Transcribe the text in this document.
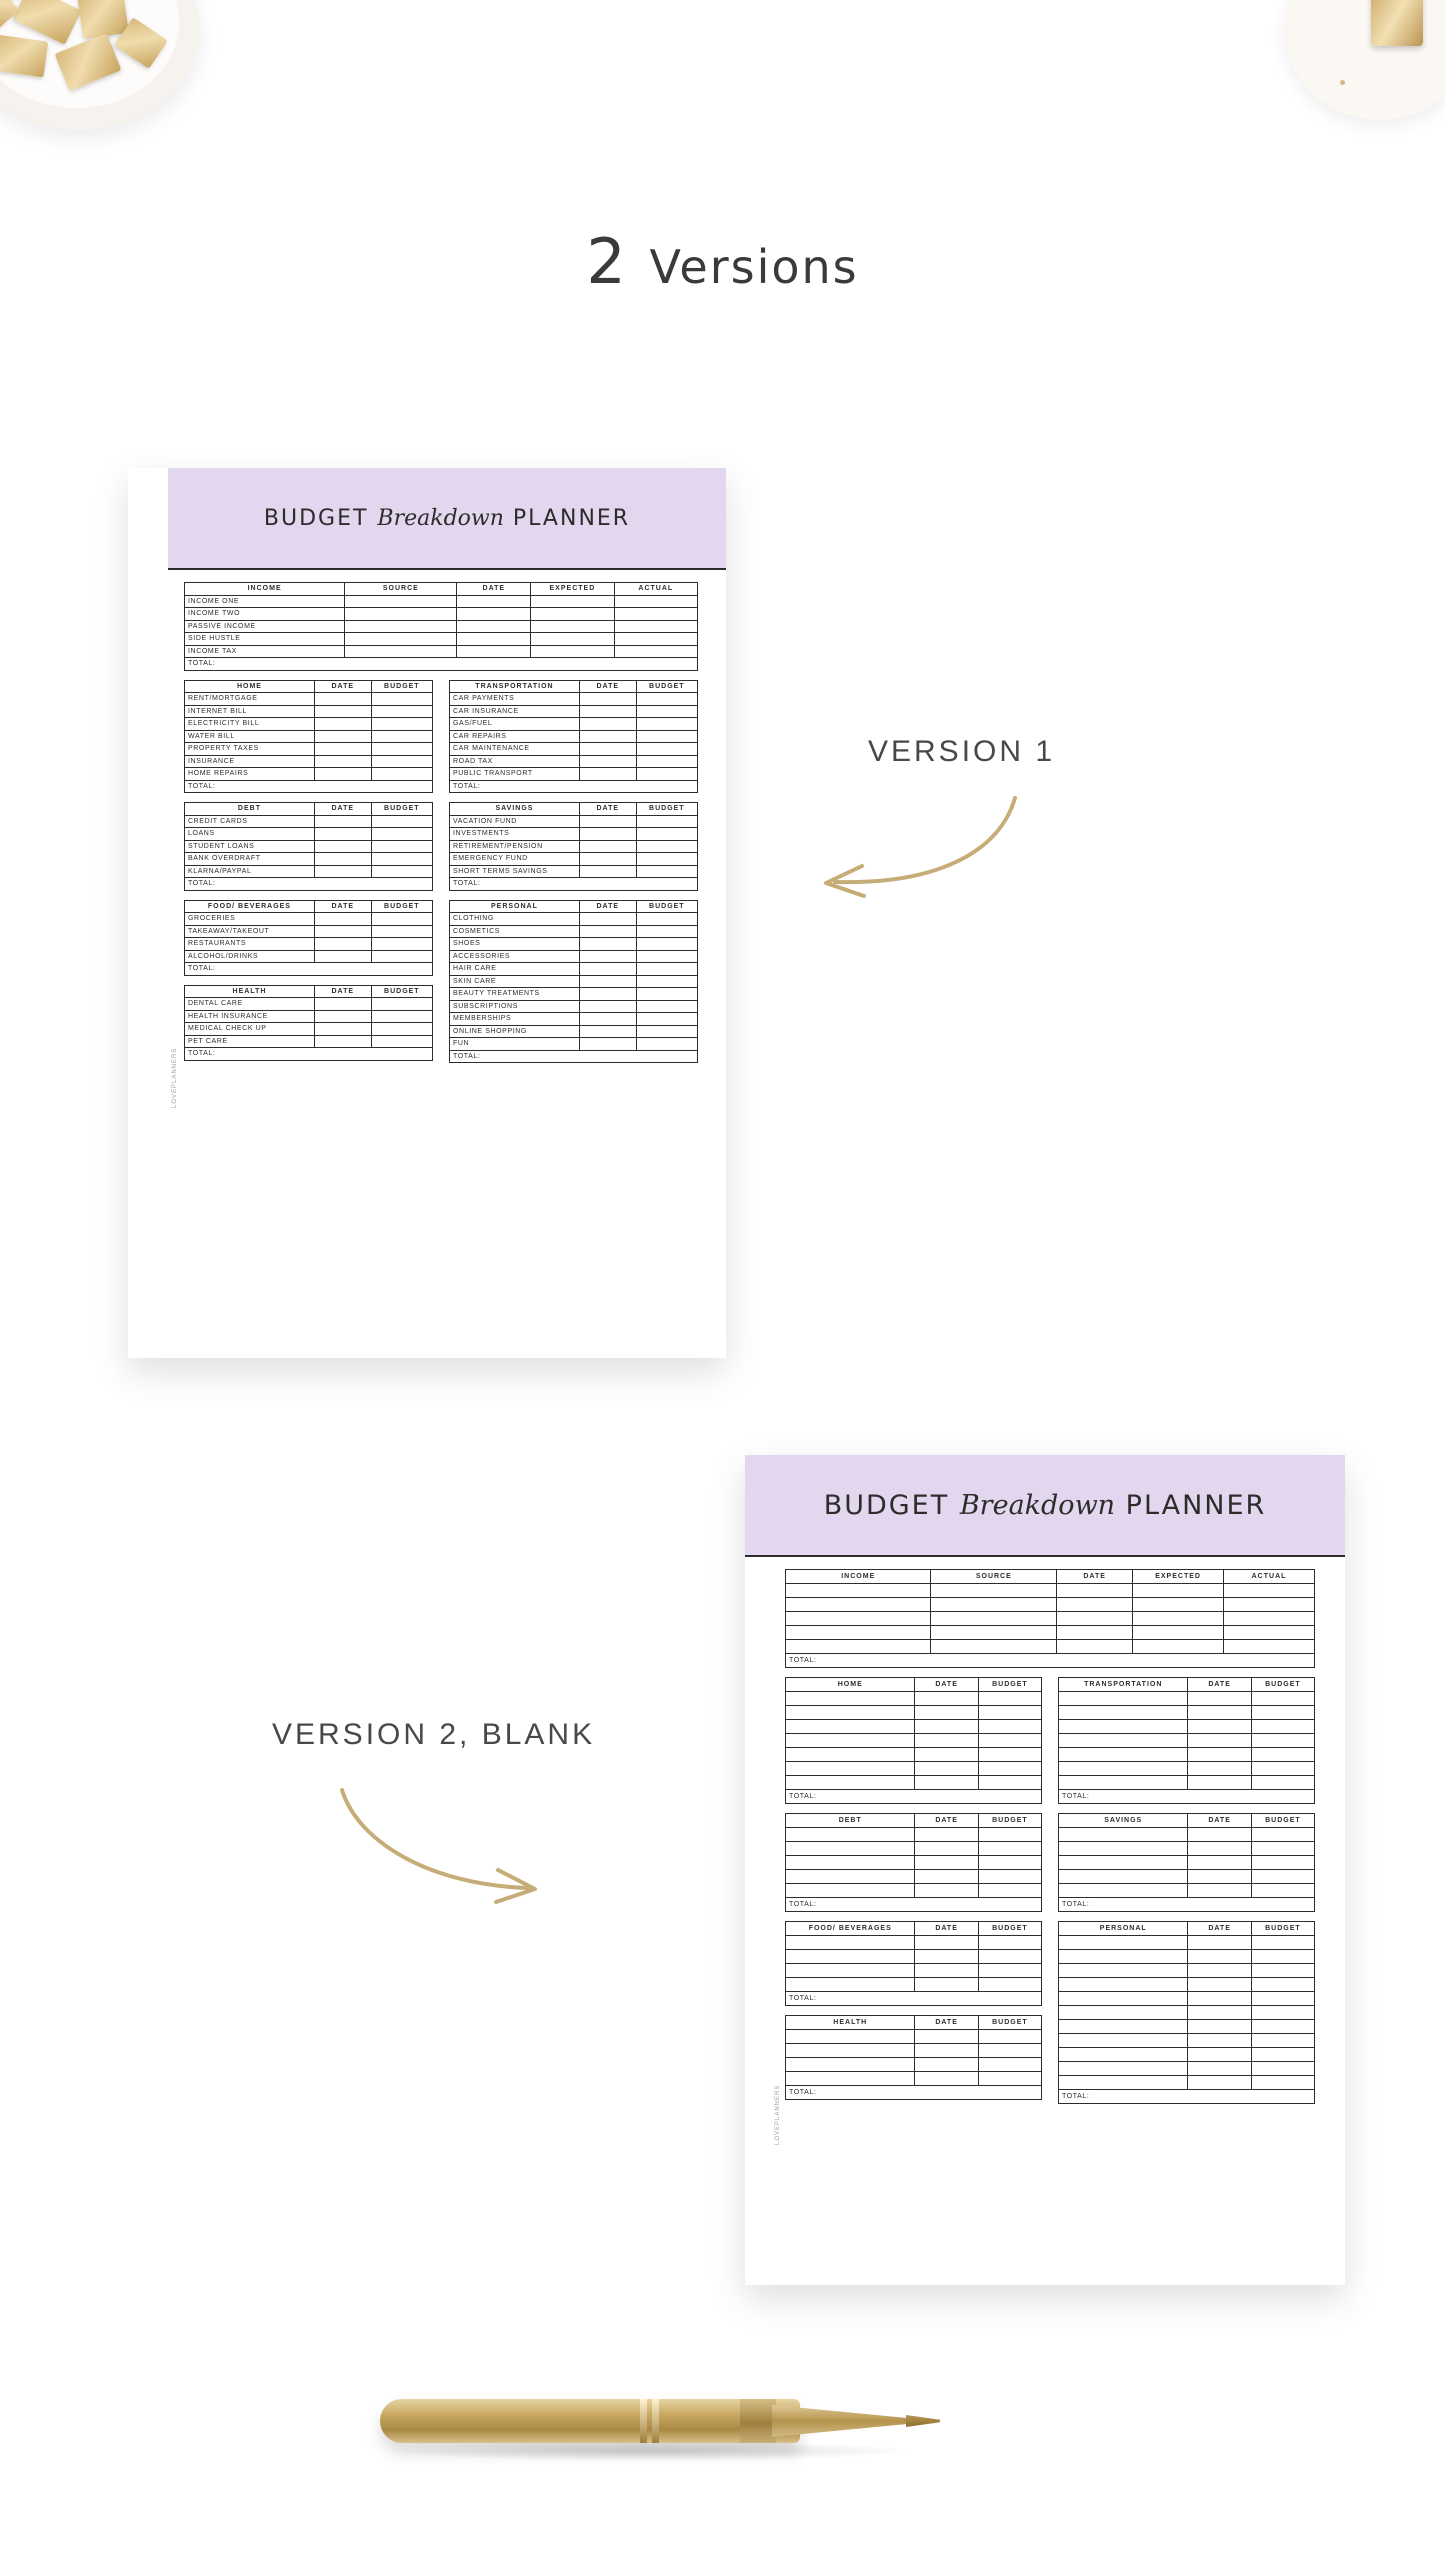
2 Versions
BUDGET Breakdown PLANNER
LOVEPLANNERS
INCOME	SOURCE	DATE	EXPECTED	ACTUAL
INCOME ONE				
INCOME TWO				
PASSIVE INCOME				
SIDE HUSTLE				
INCOME TAX				
TOTAL:				
HOME	DATE	BUDGET
RENT/MORTGAGE		
INTERNET BILL		
ELECTRICITY BILL		
WATER BILL		
PROPERTY TAXES		
INSURANCE		
HOME REPAIRS		
TOTAL:		
TRANSPORTATION	DATE	BUDGET
CAR PAYMENTS		
CAR INSURANCE		
GAS/FUEL		
CAR REPAIRS		
CAR MAINTENANCE		
ROAD TAX		
PUBLIC TRANSPORT		
TOTAL:		
DEBT	DATE	BUDGET
CREDIT CARDS		
LOANS		
STUDENT LOANS		
BANK OVERDRAFT		
KLARNA/PAYPAL		
TOTAL:		
SAVINGS	DATE	BUDGET
VACATION FUND		
INVESTMENTS		
RETIREMENT/PENSION		
EMERGENCY FUND		
SHORT TERMS SAVINGS		
TOTAL:		
FOOD/ BEVERAGES	DATE	BUDGET
GROCERIES		
TAKEAWAY/TAKEOUT		
RESTAURANTS		
ALCOHOL/DRINKS		
TOTAL:		
HEALTH	DATE	BUDGET
DENTAL CARE		
HEALTH INSURANCE		
MEDICAL CHECK UP		
PET CARE		
TOTAL:		
PERSONAL	DATE	BUDGET
CLOTHING		
COSMETICS		
SHOES		
ACCESSORIES		
HAIR CARE		
SKIN CARE		
BEAUTY TREATMENTS		
SUBSCRIPTIONS		
MEMBERSHIPS		
ONLINE SHOPPING		
FUN		
TOTAL:		
BUDGET Breakdown PLANNER
LOVEPLANNERS
INCOME	SOURCE	DATE	EXPECTED	ACTUAL

TOTAL:				
HOME	DATE	BUDGET

TOTAL:		
TRANSPORTATION	DATE	BUDGET

TOTAL:		
DEBT	DATE	BUDGET

TOTAL:		
SAVINGS	DATE	BUDGET

TOTAL:		
FOOD/ BEVERAGES	DATE	BUDGET

TOTAL:		
HEALTH	DATE	BUDGET

TOTAL:		
PERSONAL	DATE	BUDGET

TOTAL:		
VERSION 1
VERSION 2, BLANK
